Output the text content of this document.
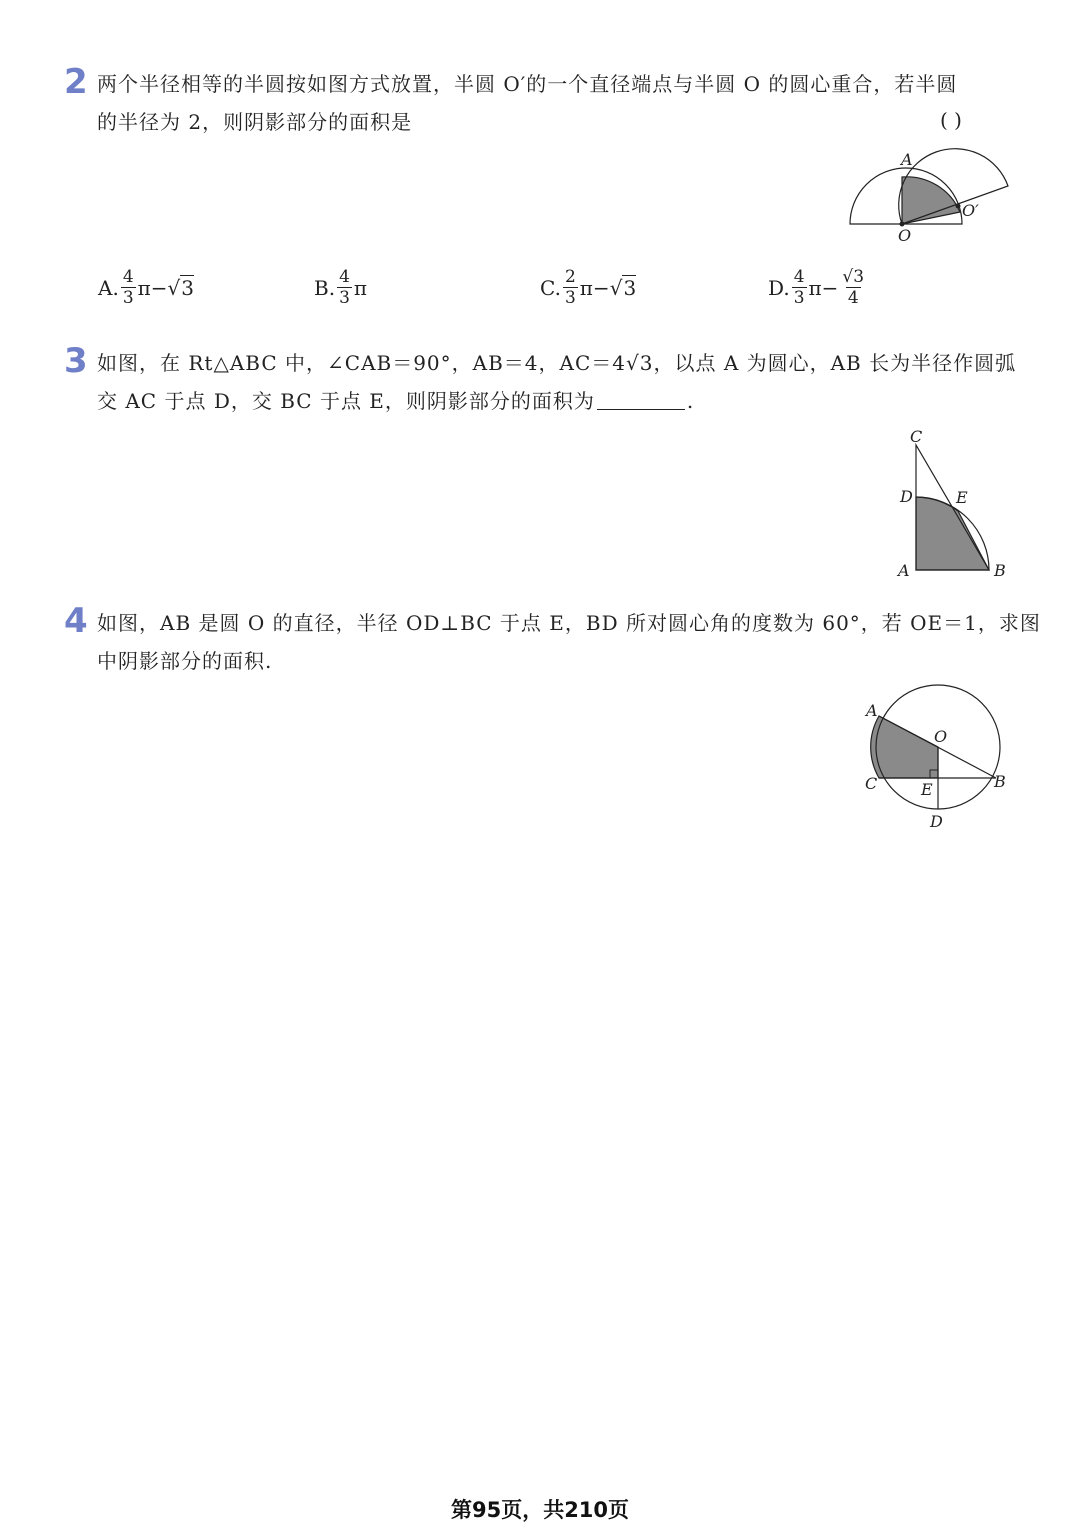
2 两个半径相等的半圆按如图方式放置，半圆 O′的一个直径端点与半圆 O 的圆心重合，若半圆
的半径为 2，则阴影部分的面积是	( )
A
O
O′
A. $\frac{4}{3} \pi-$ √ 3	B. $\frac{4}{3}$ π	C. $\frac{2}{3} \pi-$ √ 3	D. $\frac{4}{3} \pi- \frac{√3}{4}$
3 如图，在 Rt△ABC 中，∠CAB＝90°，AB＝4，AC＝4√3，以点 A 为圆心，AB 长为半径作圆弧
交 AC 于点 D，交 BC 于点 E，则阴影部分的面积为	.
C
D	E
A	B
4 如图，AB 是圆 O 的直径，半径 OD⊥BC 于点 E，BD 所对圆心角的度数为 60°，若 OE＝1，求图
中阴影部分的面积.
A
O
C	E	B
D
第95页，共210页
